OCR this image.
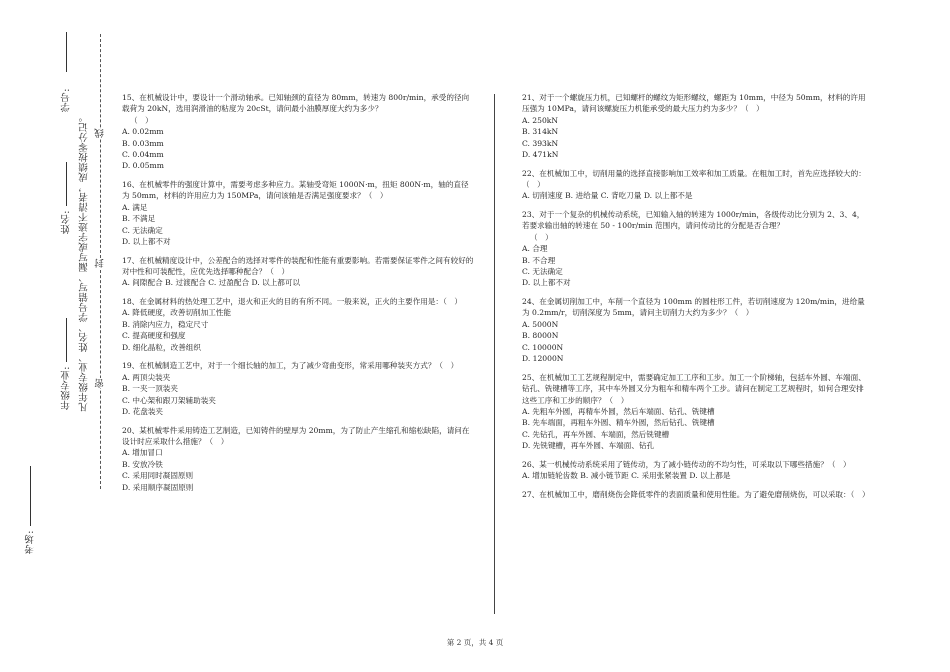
学号:
凡年级专业、姓名、学号错写、漏写或字迹不清者，成绩按零分记。
姓名:
年级专业:
考场:
线
封
密

15、在机械设计中，要设计一个滑动轴承。已知轴颈的直径为 80mm，转速为 800r/min，承受的径向载荷为 20kN，选用润滑油的粘度为 20cSt，请问最小油膜厚度大约为多少？

（　）

A. 0.02mm

B. 0.03mm

C. 0.04mm

D. 0.05mm

16、在机械零件的强度计算中，需要考虑多种应力。某轴受弯矩 1000N·m，扭矩 800N·m，轴的直径为 50mm，材料的许用应力为 150MPa，请问该轴是否满足强度要求？（　）

A. 满足

B. 不满足

C. 无法确定

D. 以上都不对

17、在机械精度设计中，公差配合的选择对零件的装配和性能有重要影响。若需要保证零件之间有较好的对中性和可装配性，应优先选择哪种配合？（　）

A. 间隙配合 B. 过渡配合 C. 过盈配合 D. 以上都可以

18、在金属材料的热处理工艺中，退火和正火的目的有所不同。一般来说，正火的主要作用是：（　）

A. 降低硬度，改善切削加工性能

B. 消除内应力，稳定尺寸

C. 提高硬度和强度

D. 细化晶粒，改善组织

19、在机械制造工艺中，对于一个细长轴的加工，为了减少弯曲变形，常采用哪种装夹方式？（　）

A. 两顶尖装夹

B. 一夹一顶装夹

C. 中心架和跟刀架辅助装夹

D. 花盘装夹

20、某机械零件采用铸造工艺制造，已知铸件的壁厚为 20mm，为了防止产生缩孔和缩松缺陷，请问在设计时应采取什么措施？（　）

A. 增加冒口

B. 安放冷铁

C. 采用同时凝固原则

D. 采用顺序凝固原则

21、对于一个螺旋压力机，已知螺杆的螺纹为矩形螺纹，螺距为 10mm，中径为 50mm，材料的许用压强为 10MPa，请问该螺旋压力机能承受的最大压力约为多少？（　）

A. 250kN

B. 314kN

C. 393kN

D. 471kN

22、在机械加工中，切削用量的选择直接影响加工效率和加工质量。在粗加工时，首先应选择较大的：（　）

A. 切削速度 B. 进给量 C. 背吃刀量 D. 以上都不是

23、对于一个复杂的机械传动系统，已知输入轴的转速为 1000r/min，各级传动比分别为 2、3、4，若要求输出轴的转速在 50 - 100r/min 范围内，请问传动比的分配是否合理？

（　）

A. 合理

B. 不合理

C. 无法确定

D. 以上都不对

24、在金属切削加工中，车削一个直径为 100mm 的圆柱形工件，若切削速度为 120m/min，进给量为 0.2mm/r，切削深度为 5mm，请问主切削力大约为多少？（　）

A. 5000N

B. 8000N

C. 10000N

D. 12000N

25、在机械加工工艺规程制定中，需要确定加工工序和工步。加工一个阶梯轴，包括车外圆、车端面、钻孔、铣键槽等工序，其中车外圆又分为粗车和精车两个工步。请问在制定工艺规程时，如何合理安排这些工序和工步的顺序？（　）

A. 先粗车外圆，再精车外圆，然后车端面、钻孔、铣键槽

B. 先车端面，再粗车外圆、精车外圆，然后钻孔、铣键槽

C. 先钻孔，再车外圆、车端面，然后铣键槽

D. 先铣键槽，再车外圆、车端面、钻孔

26、某一机械传动系统采用了链传动，为了减小链传动的不均匀性，可采取以下哪些措施？（　）

A. 增加链轮齿数 B. 减小链节距 C. 采用张紧装置 D. 以上都是

27、在机械加工中，磨削烧伤会降低零件的表面质量和使用性能。为了避免磨削烧伤，可以采取：（　）

第 2 页，共 4 页
